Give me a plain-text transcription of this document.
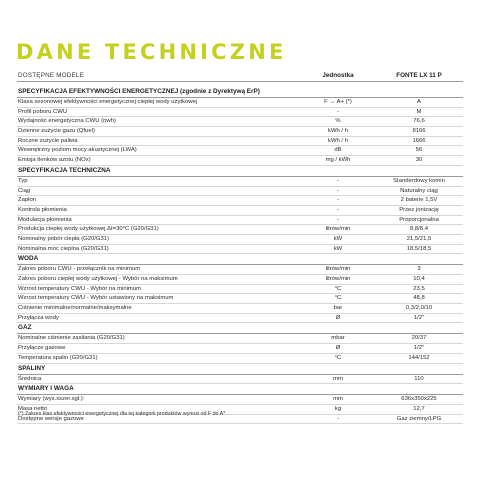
DANE TECHNICZNE
DOSTĘPNE MODELE	Jednostka	FONTE LX 11 P
SPECYFIKACJA EFEKTYWNOŚCI ENERGETYCZNEJ (zgodnie z Dyrektywą ErP)
Klasa sezonowej efektywności energetycznej ciepłej wody użytkowej	F → A+ (*)	A
Profil poboru CWU	-	M
Wydajność energetyczna CWU (ηwh)	%	76,6
Dzienne zużycie gazu (Qfuel)	kWh / h	8166
Roczne zużycie paliwa	kWh / h	1666
Wewnętrzny poziom mocy akustycznej (LWA)	dB	56
Emisja tlenków azotu (NOx)	mg / kWh	30
SPECYFIKACJA TECHNICZNA
Typ	-	Standerdowy komin
Ciąg	-	Naturalny ciąg
Zapłon	-	2 baterie 1,5V
Kontrola płomienia	-	Przez jonizację
Modulacja płomienia	-	Proporcjonalna
Produkcja ciepłej wody użytkowej Δt=30°C (G20/G31)	litrów/min	8,8/8,4
Nominalny pobór ciepła (G20/G31)	kW	21,5/21,5
Nominalna moc cieplna (G20/G31)	kW	18,5/18,5
WODA
Zakres poboru CWU - przełącznik na minimum	litrów/min	3
Zakres poboru ciepłej wody użytkowej - Wybór na maksimum	litrów/min	10,4
Wzrost temperatury CWU - Wybór na minimum	°C	23,5
Wzrost temperatury CWU - Wybór ustawiony na maksimum	°C	48,8
Ciśnienie minimalne/normalne/maksymalne	bar	0,3/2,0/10
Przyłącza wody	Ø	1/2"
GAZ
Nominalne ciśnienie zasilania (G20/G31)	mbar	20/37
Przyłącze gazowe	Ø	1/2"
Temperatura spalin (G20/G31)	°C	144/152
SPALINY
Średnica	mm	110
WYMIARY I WAGA
Wymiary (wys.xszer.xgł.):	mm	636x350x225
Masa netto	kg	12,7
Dostępne wersje gazowe	-	Gaz ziemny/LPG
(*) Zakres klas efektywności energetycznej dla tej kategorii produktów wynosi od F do A*.
